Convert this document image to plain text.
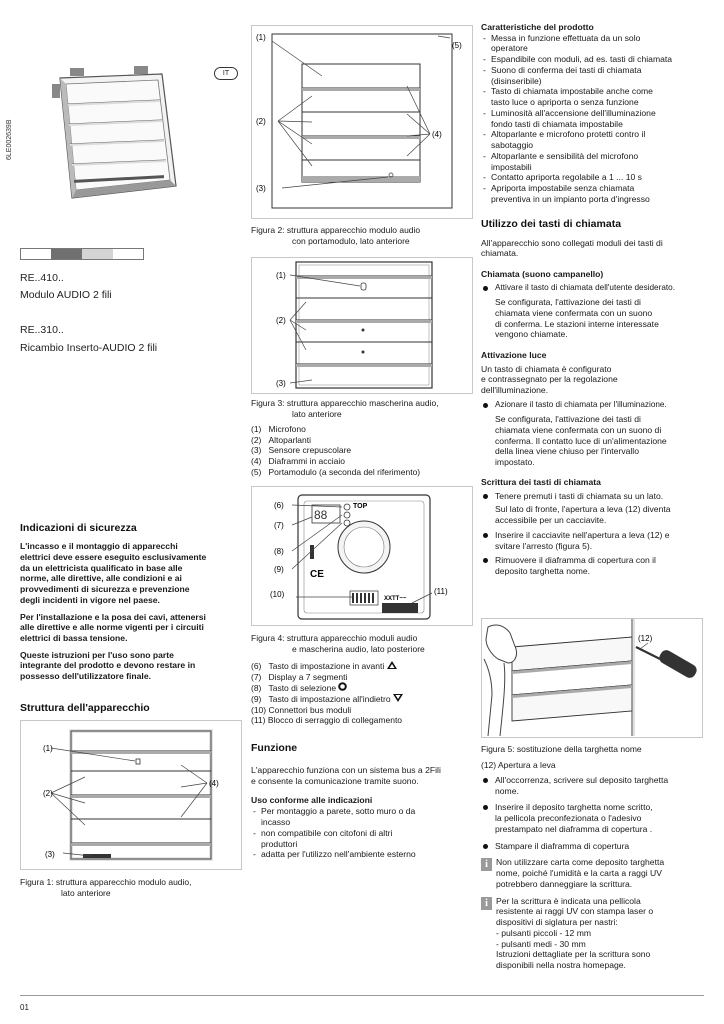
6LE002639B
IT
RE..410..
Modulo AUDIO 2 fili
RE..310..
Ricambio Inserto-AUDIO 2 fili
Indicazioni di sicurezza
L'incasso e il montaggio di apparecchi
elettrici deve essere eseguito esclusivamente
da un elettricista qualificato in base alle
norme, alle direttive, alle condizioni e ai
provvedimenti di sicurezza e prevenzione
degli incidenti in vigore nel paese.
Per l'installazione e la posa dei cavi, attenersi
alle direttive e alle norme vigenti per i circuiti
elettrici di bassa tensione.
Queste istruzioni per l'uso sono parte
integrante del prodotto e devono restare in
possesso dell'utilizzatore finale.
Struttura dell'apparecchio
(1)
(2)
(3)
(4)
Figura 1: struttura apparecchio modulo audio,
lato anteriore
(1)
(2)
(3)
(4)
(5)
Figura 2: struttura apparecchio modulo audio
con portamodulo, lato anteriore
(1)
(2)
(3)
Figura 3: struttura apparecchio mascherina audio,
lato anteriore
(1)   Microfono
(2)   Altoparlanti
(3)   Sensore crepuscolare
(4)   Diaframmi in acciaio
(5)   Portamodulo (a seconda del riferimento)
88
TOP
CE
XXTT~~
(6)
(7)
(8)
(9)
(10)	(11)
Figura 4: struttura apparecchio moduli audio
e mascherina audio, lato posteriore
(6)   Tasto di impostazione in avanti
(7)   Display a 7 segmenti
(8)   Tasto di selezione
(9)   Tasto di impostazione all'indietro
(10) Connettori bus moduli
(11) Blocco di serraggio di collegamento
Funzione
L'apparecchio funziona con un sistema bus a 2Fili
e consente la comunicazione tramite suono.
Uso conforme alle indicazioni
- Per montaggio a parete, sotto muro o da
incasso
- non compatibile con citofoni di altri
produttori
- adatta per l'utilizzo nell'ambiente esterno
Caratteristiche del prodotto
- Messa in funzione effettuata da un solo
operatore
- Espandibile con moduli, ad es. tasti di chiamata
- Suono di conferma dei tasti di chiamata
(disinseribile)
- Tasto di chiamata impostabile anche come
tasto luce o apriporta o senza funzione
- Luminosità all'accensione dell'illuminazione
fondo tasti di chiamata impostabile
- Altoparlante e microfono protetti contro il
sabotaggio
- Altoparlante e sensibilità del microfono
impostabili
- Contatto apriporta regolabile a 1 ... 10 s
- Apriporta impostabile senza chiamata
preventiva in un impianto porta d'ingresso
Utilizzo dei tasti di chiamata
All'apparecchio sono collegati moduli dei tasti di
chiamata.
Chiamata (suono campanello)
Attivare il tasto di chiamata dell'utente desiderato.
Se configurata, l'attivazione dei tasti di
chiamata viene confermata con un suono
di conferma. Le stazioni interne interessate
vengono chiamate.
Attivazione luce
Un tasto di chiamata è configurato
e contrassegnato per la regolazione
dell'illuminazione.
Azionare il tasto di chiamata per l'illuminazione.
Se configurata, l'attivazione dei tasti di
chiamata viene confermata con un suono di
conferma. Il contatto luce di un'alimentazione
della linea viene chiuso per l'intervallo
impostato.
Scrittura dei tasti di chiamata
Tenere premuti i tasti di chiamata su un lato.
Sul lato di fronte, l'apertura a leva (12) diventa
accessibile per un cacciavite.
Inserire il cacciavite nell'apertura a leva (12) e
svitare l'arresto (figura 5).
Rimuovere il diaframma di copertura con il
deposito targhetta nome.
(12)
Figura 5: sostituzione della targhetta nome
(12) Apertura a leva
All'occorrenza, scrivere sul deposito targhetta
nome.
Inserire il deposito targhetta nome scritto,
la pellicola preconfezionata o l'adesivo
prestampato nel diaframma di copertura .
Stampare il diaframma di copertura
i Non utilizzare carta come deposito targhetta
nome, poiché l'umidità e la carta a raggi UV
potrebbero danneggiare la scrittura.
i Per la scrittura è indicata una pellicola
resistente ai raggi UV con stampa laser o
dispositivi di siglatura per nastri:
- pulsanti piccoli - 12 mm
- pulsanti medi - 30 mm
Istruzioni dettagliate per la scrittura sono
disponibili nella nostra homepage.
01
